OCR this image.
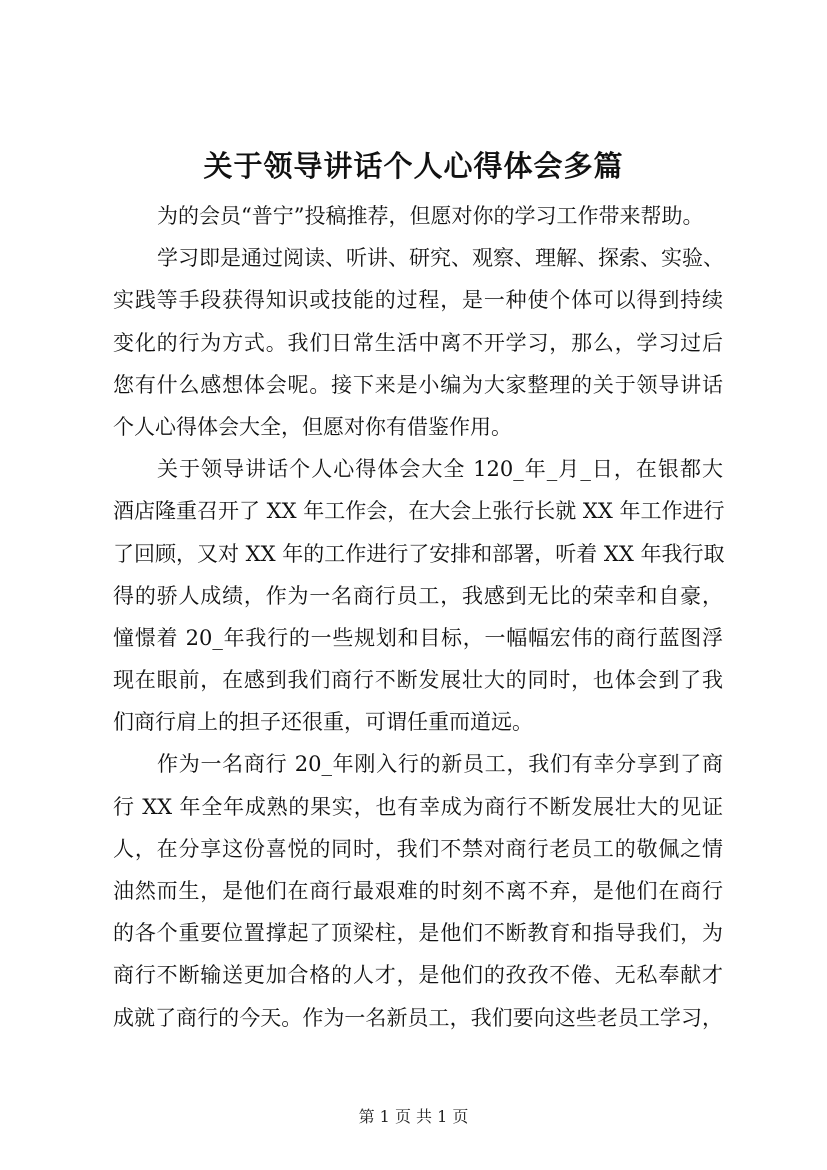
关于领导讲话个人心得体会多篇
为的会员“普宁”投稿推荐，但愿对你的学习工作带来帮助。
学习即是通过阅读、听讲、研究、观察、理解、探索、实验、
实践等手段获得知识或技能的过程，是一种使个体可以得到持续
变化的行为方式。我们日常生活中离不开学习，那么，学习过后
您有什么感想体会呢。接下来是小编为大家整理的关于领导讲话
个人心得体会大全，但愿对你有借鉴作用。
关于领导讲话个人心得体会大全 120_年_月_日，在银都大
酒店隆重召开了 XX 年工作会，在大会上张行长就 XX 年工作进行
了回顾，又对 XX 年的工作进行了安排和部署，听着 XX 年我行取
得的骄人成绩，作为一名商行员工，我感到无比的荣幸和自豪，
憧憬着 20_年我行的一些规划和目标，一幅幅宏伟的商行蓝图浮
现在眼前，在感到我们商行不断发展壮大的同时，也体会到了我
们商行肩上的担子还很重，可谓任重而道远。
作为一名商行 20_年刚入行的新员工，我们有幸分享到了商
行 XX 年全年成熟的果实，也有幸成为商行不断发展壮大的见证
人，在分享这份喜悦的同时，我们不禁对商行老员工的敬佩之情
油然而生，是他们在商行最艰难的时刻不离不弃，是他们在商行
的各个重要位置撑起了顶梁柱，是他们不断教育和指导我们，为
商行不断输送更加合格的人才，是他们的孜孜不倦、无私奉献才
成就了商行的今天。作为一名新员工，我们要向这些老员工学习，
第 1 页 共 1 页
